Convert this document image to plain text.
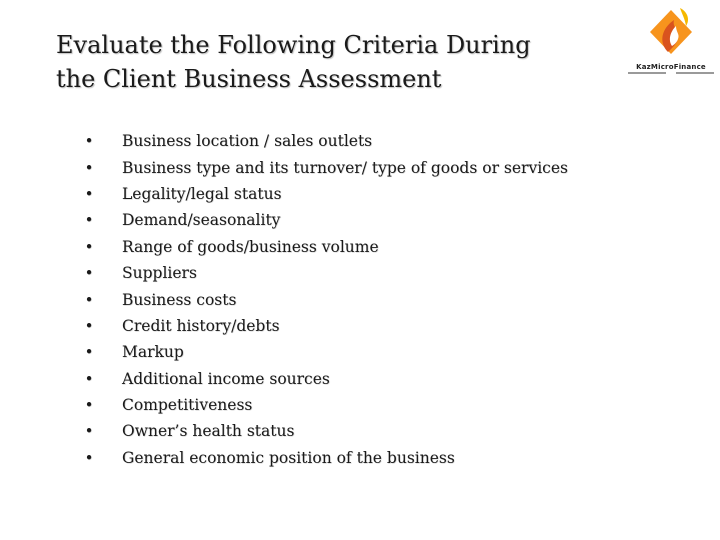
Evaluate the Following Criteria During
the Client Business Assessment	KazMicroFinance
• Business location / sales outlets
• Business type and its turnover/ type of goods or services
• Legality/legal status
• Demand/seasonality
• Range of goods/business volume
• Suppliers
• Business costs
• Credit history/debts
• Markup
• Additional income sources
• Competitiveness
• Owner’s health status
• General economic position of the business
